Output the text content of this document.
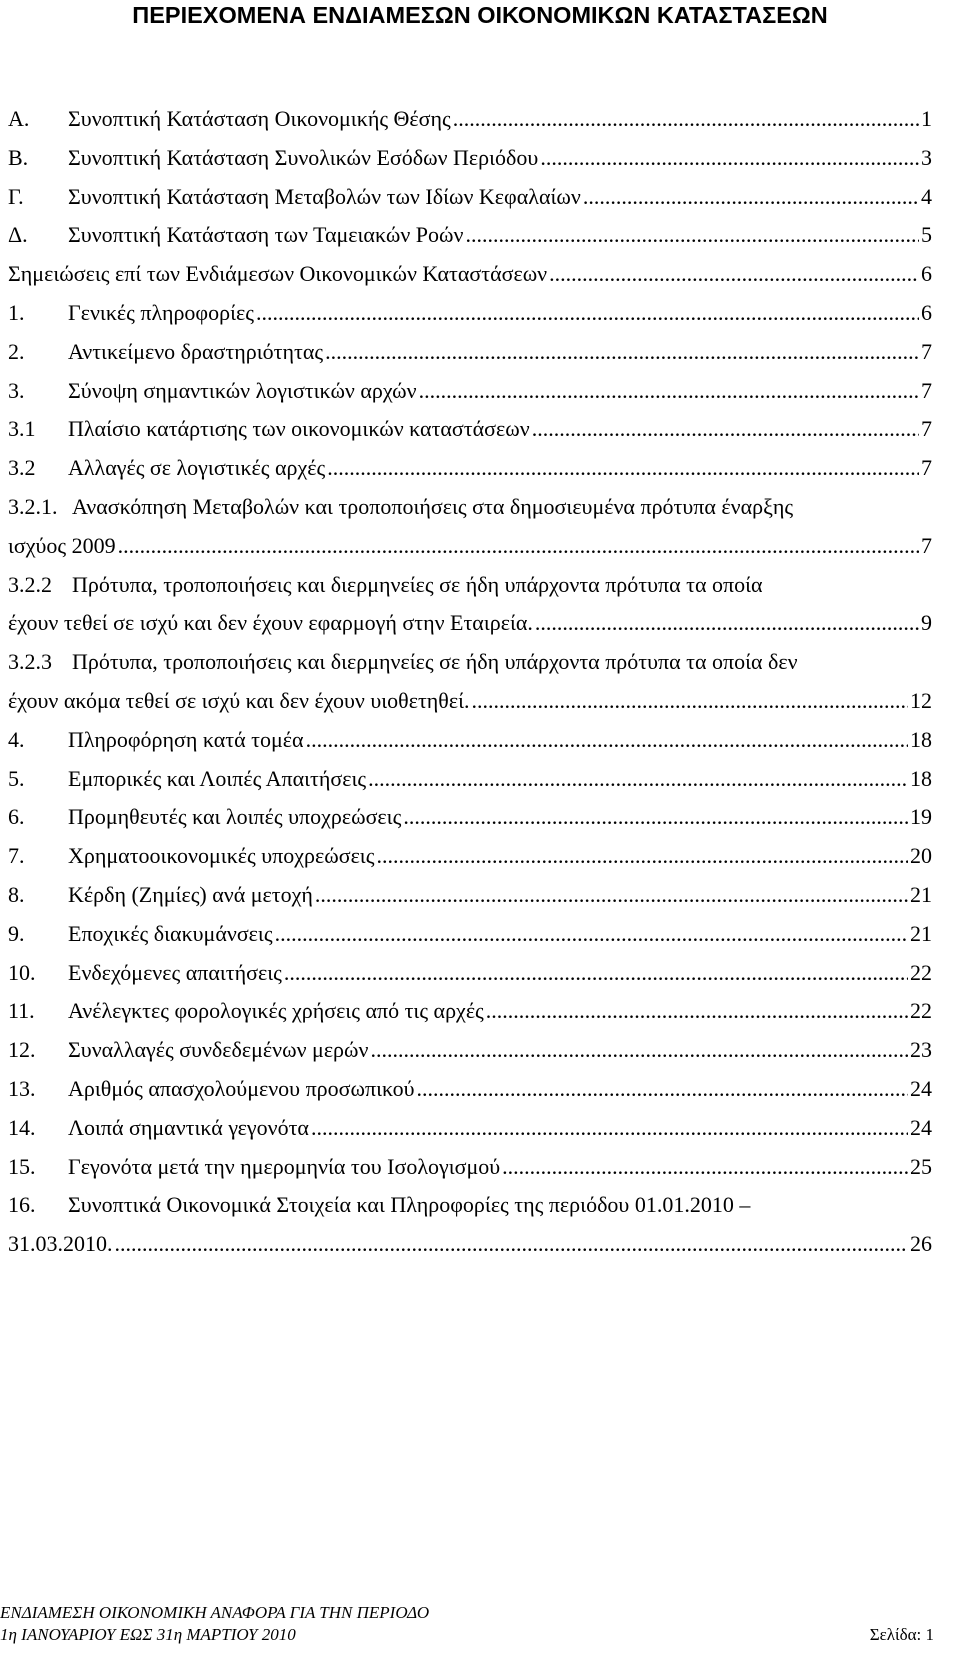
ΠΕΡΙΕΧΟΜΕΝΑ ΕΝΔΙΑΜΕΣΩΝ ΟΙΚΟΝΟΜΙΚΩΝ ΚΑΤΑΣΤΑΣΕΩΝ
Α. Συνοπτική Κατάσταση Οικονομικής Θέσης .....	1
Β. Συνοπτική Κατάσταση Συνολικών Εσόδων Περιόδου .....	3
Γ. Συνοπτική Κατάσταση Μεταβολών των Ιδίων Κεφαλαίων .....	4
Δ. Συνοπτική Κατάσταση των Ταμειακών Ροών .....	5
Σημειώσεις επί των Ενδιάμεσων Οικονομικών Καταστάσεων .....	6
1. Γενικές πληροφορίες .....	6
2. Αντικείμενο δραστηριότητας .....	7
3. Σύνοψη σημαντικών λογιστικών αρχών .....	7
3.1 Πλαίσιο κατάρτισης των οικονομικών καταστάσεων .....	7
3.2 Αλλαγές σε λογιστικές αρχές .....	7
3.2.1. Ανασκόπηση Μεταβολών και τροποποιήσεις στα δημοσιευμένα πρότυπα έναρξης
ισχύος 2009 .....	7
3.2.2 Πρότυπα, τροποποιήσεις και διερμηνείες σε ήδη υπάρχοντα πρότυπα τα οποία
έχουν τεθεί σε ισχύ και δεν έχουν εφαρμογή στην Εταιρεία. .....	9
3.2.3 Πρότυπα, τροποποιήσεις και διερμηνείες σε ήδη υπάρχοντα πρότυπα τα οποία δεν
έχουν ακόμα τεθεί σε ισχύ και δεν έχουν υιοθετηθεί. .....	12
4. Πληροφόρηση κατά τομέα .....	18
5. Εμπορικές και Λοιπές Απαιτήσεις .....	18
6. Προμηθευτές και λοιπές υποχρεώσεις .....	19
7. Χρηματοοικονομικές υποχρεώσεις .....	20
8. Κέρδη (Ζημίες) ανά μετοχή .....	21
9. Εποχικές διακυμάνσεις .....	21
10. Ενδεχόμενες απαιτήσεις .....	22
11. Ανέλεγκτες φορολογικές χρήσεις από τις αρχές .....	22
12. Συναλλαγές συνδεδεμένων μερών .....	23
13. Αριθμός απασχολούμενου προσωπικού .....	24
14. Λοιπά σημαντικά γεγονότα .....	24
15. Γεγονότα μετά την ημερομηνία του Ισολογισμού .....	25
16. Συνοπτικά Οικονομικά Στοιχεία και Πληροφορίες της περιόδου 01.01.2010 –
31.03.2010. .....	26
ΕΝΔΙΑΜΕΣΗ ΟΙΚΟΝΟΜΙΚΗ ΑΝΑΦΟΡΑ ΓΙΑ ΤΗΝ ΠΕΡΙΟΔΟ
1η ΙΑΝΟΥΑΡΙΟΥ ΕΩΣ 31η ΜΑΡΤΙΟΥ 2010	Σελίδα: 1
